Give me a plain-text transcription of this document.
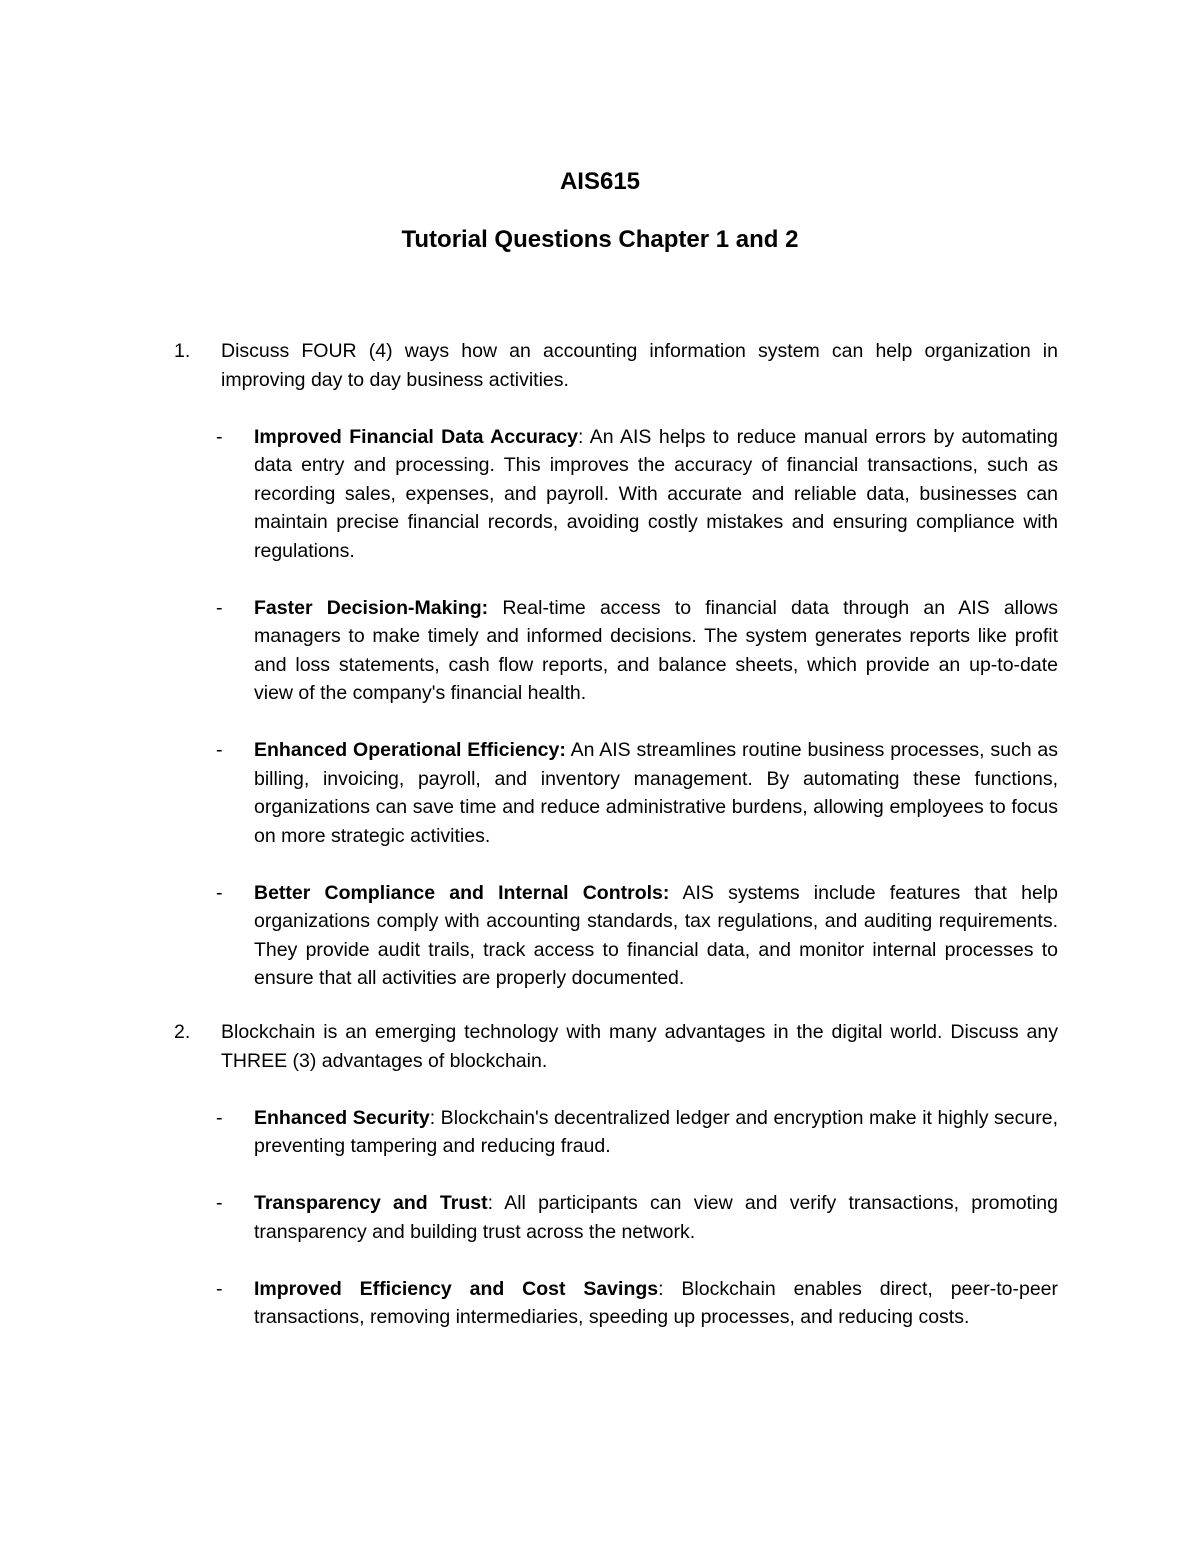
AIS615
Tutorial Questions Chapter 1 and 2
1. Discuss FOUR (4) ways how an accounting information system can help organization in improving day to day business activities.
- Improved Financial Data Accuracy: An AIS helps to reduce manual errors by automating data entry and processing. This improves the accuracy of financial transactions, such as recording sales, expenses, and payroll. With accurate and reliable data, businesses can maintain precise financial records, avoiding costly mistakes and ensuring compliance with regulations.
- Faster Decision-Making: Real-time access to financial data through an AIS allows managers to make timely and informed decisions. The system generates reports like profit and loss statements, cash flow reports, and balance sheets, which provide an up-to-date view of the company's financial health.
- Enhanced Operational Efficiency: An AIS streamlines routine business processes, such as billing, invoicing, payroll, and inventory management. By automating these functions, organizations can save time and reduce administrative burdens, allowing employees to focus on more strategic activities.
- Better Compliance and Internal Controls: AIS systems include features that help organizations comply with accounting standards, tax regulations, and auditing requirements. They provide audit trails, track access to financial data, and monitor internal processes to ensure that all activities are properly documented.
2. Blockchain is an emerging technology with many advantages in the digital world. Discuss any THREE (3) advantages of blockchain.
- Enhanced Security: Blockchain's decentralized ledger and encryption make it highly secure, preventing tampering and reducing fraud.
- Transparency and Trust: All participants can view and verify transactions, promoting transparency and building trust across the network.
- Improved Efficiency and Cost Savings: Blockchain enables direct, peer-to-peer transactions, removing intermediaries, speeding up processes, and reducing costs.
